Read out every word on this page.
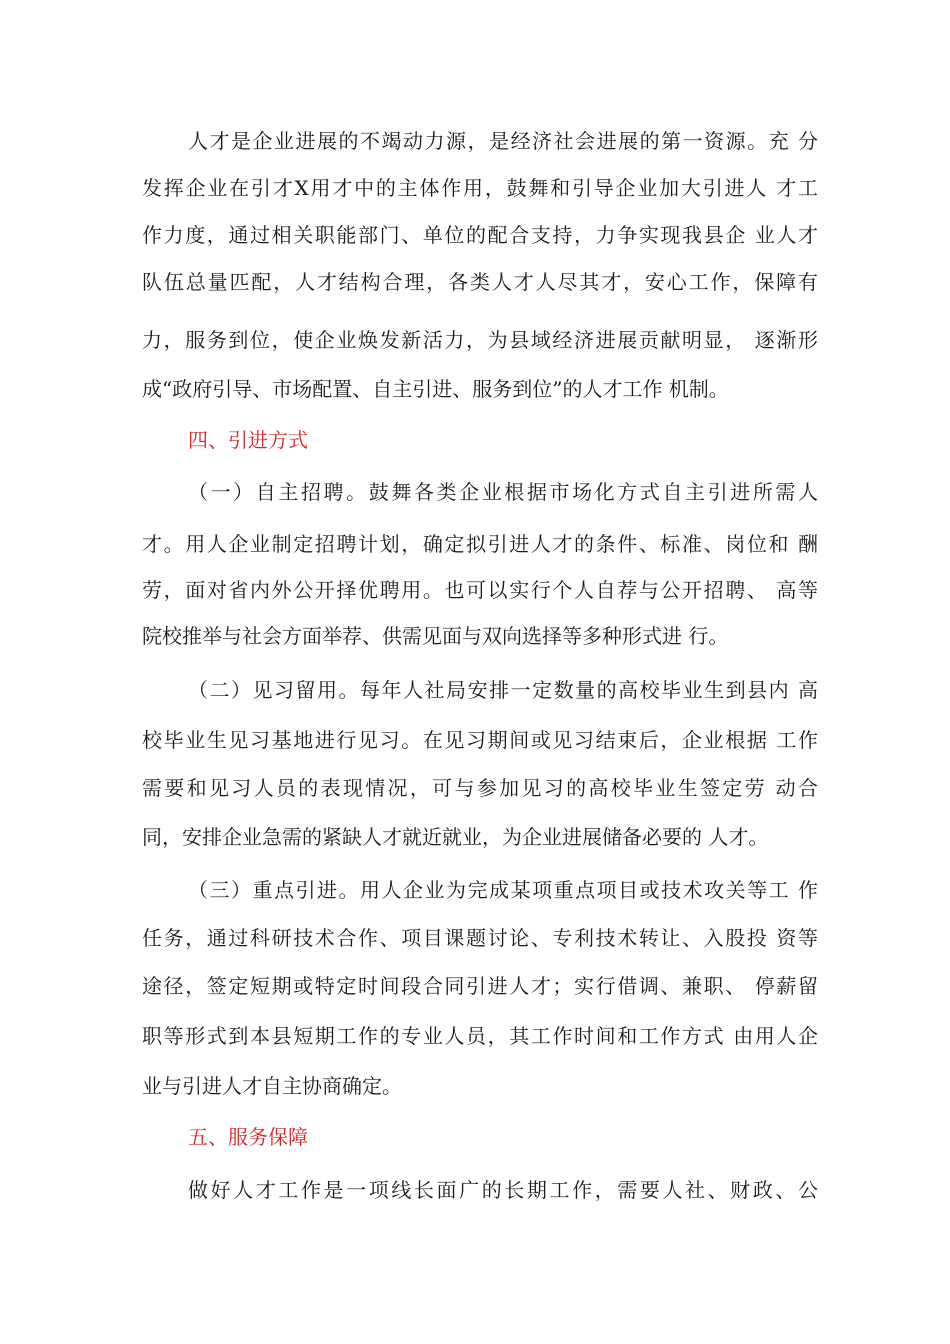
人才是企业进展的不竭动力源，是经济社会进展的第一资源。充 分
发挥企业在引才X用才中的主体作用，鼓舞和引导企业加大引进人 才工
作力度，通过相关职能部门、单位的配合支持，力争实现我县企 业人才
队伍总量匹配，人才结构合理，各类人才人尽其才，安心工作，保障有
力，服务到位，使企业焕发新活力，为县域经济进展贡献明显， 逐渐形
成“政府引导、市场配置、自主引进、服务到位”的人才工作 机制。
四、引进方式
（一）自主招聘。鼓舞各类企业根据市场化方式自主引进所需人
才。用人企业制定招聘计划，确定拟引进人才的条件、标准、岗位和 酬
劳，面对省内外公开择优聘用。也可以实行个人自荐与公开招聘、 高等
院校推举与社会方面举荐、供需见面与双向选择等多种形式进 行。
（二）见习留用。每年人社局安排一定数量的高校毕业生到县内 高
校毕业生见习基地进行见习。在见习期间或见习结束后，企业根据 工作
需要和见习人员的表现情况，可与参加见习的高校毕业生签定劳 动合
同，安排企业急需的紧缺人才就近就业，为企业进展储备必要的 人才。
（三）重点引进。用人企业为完成某项重点项目或技术攻关等工 作
任务，通过科研技术合作、项目课题讨论、专利技术转让、入股投 资等
途径，签定短期或特定时间段合同引进人才；实行借调、兼职、 停薪留
职等形式到本县短期工作的专业人员，其工作时间和工作方式 由用人企
业与引进人才自主协商确定。
五、服务保障
做好人才工作是一项线长面广的长期工作，需要人社、财政、公
